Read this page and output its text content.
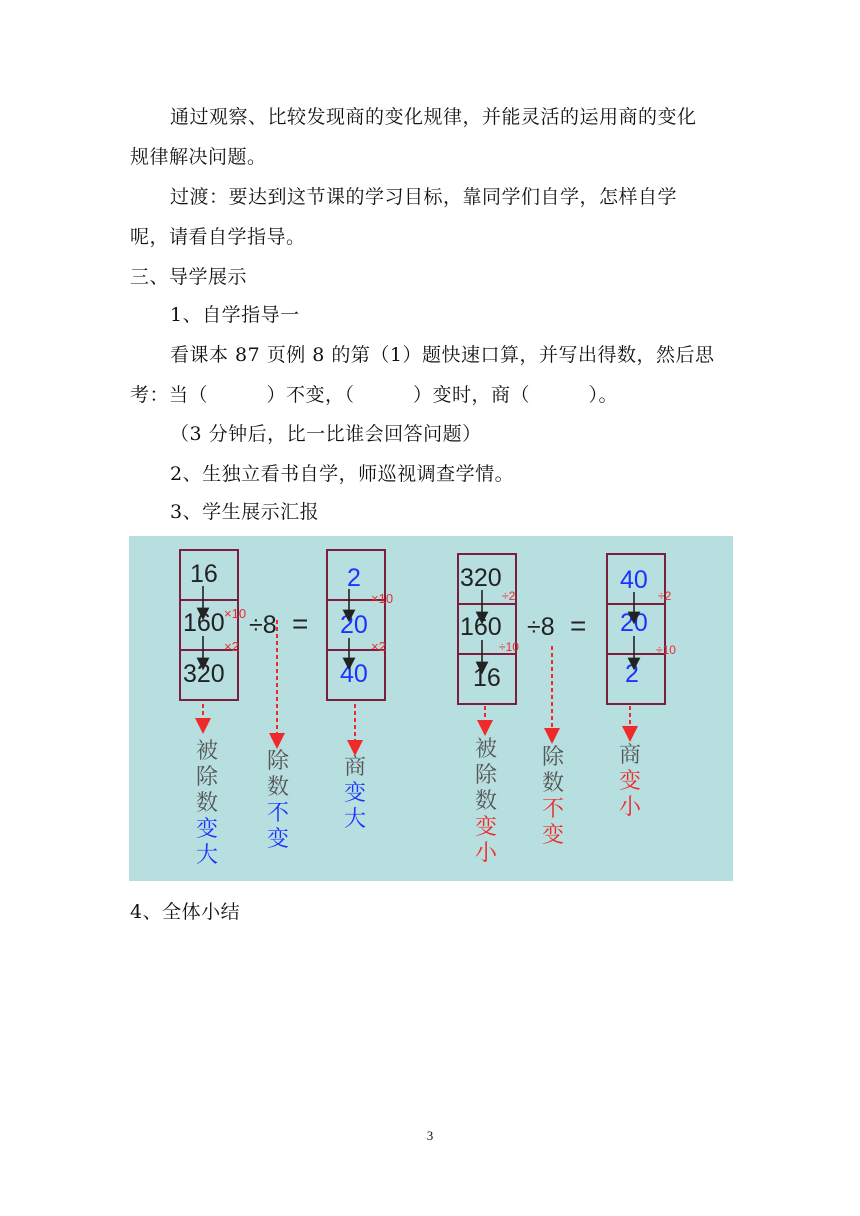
通过观察、比较发现商的变化规律，并能灵活的运用商的变化
规律解决问题。
过渡：要达到这节课的学习目标，靠同学们自学，怎样自学
呢，请看自学指导。
三、导学展示
1、自学指导一
看课本 87 页例 8 的第（1）题快速口算，并写出得数，然后思
考：当（　　　）不变，（　　　）变时，商（　　　）。
（3 分钟后，比一比谁会回答问题）
2、生独立看书自学，师巡视调查学情。
3、学生展示汇报
16
160
320
×10
×2
÷8 =
2
20
40
×10
×2
被
除
数
变
大
除
数
不
变
商
变
大
320
160
16
÷2
÷10
÷8 =
40
20
2
÷2
÷10
被
除
数
变
小
除
数
不
变
商
变
小
4、全体小结
3
